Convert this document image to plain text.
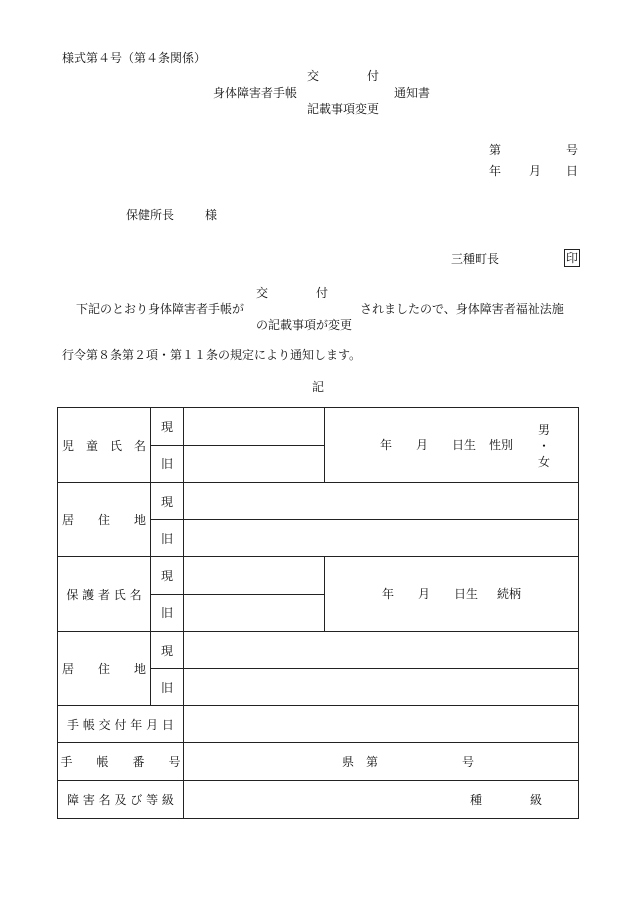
様式第４号（第４条関係）
交　　　　付
身体障害者手帳	通知書
記載事項変更
第	号
年 月 日
保健所長	様
三種町長	印
交　　　　付
下記のとおり身体障害者手帳が	されましたので、身体障害者福祉法施
の記載事項が変更
行令第８条第２項・第１１条の規定により通知します。
記
児　童　氏　名	現		年　　月　　日生 性別
男
・
女

	旧		
居　　住　　地	現		
	旧		
保 護 者 氏 名	現		年　　月　　日生 続柄

	旧		
居　　住　　地	現		
	旧		
手 帳 交 付 年 月 日			
手　　帳　　番　　号		県　第　　　　　　　号	

障 害 名 及 び 等 級		種　　　　級	
